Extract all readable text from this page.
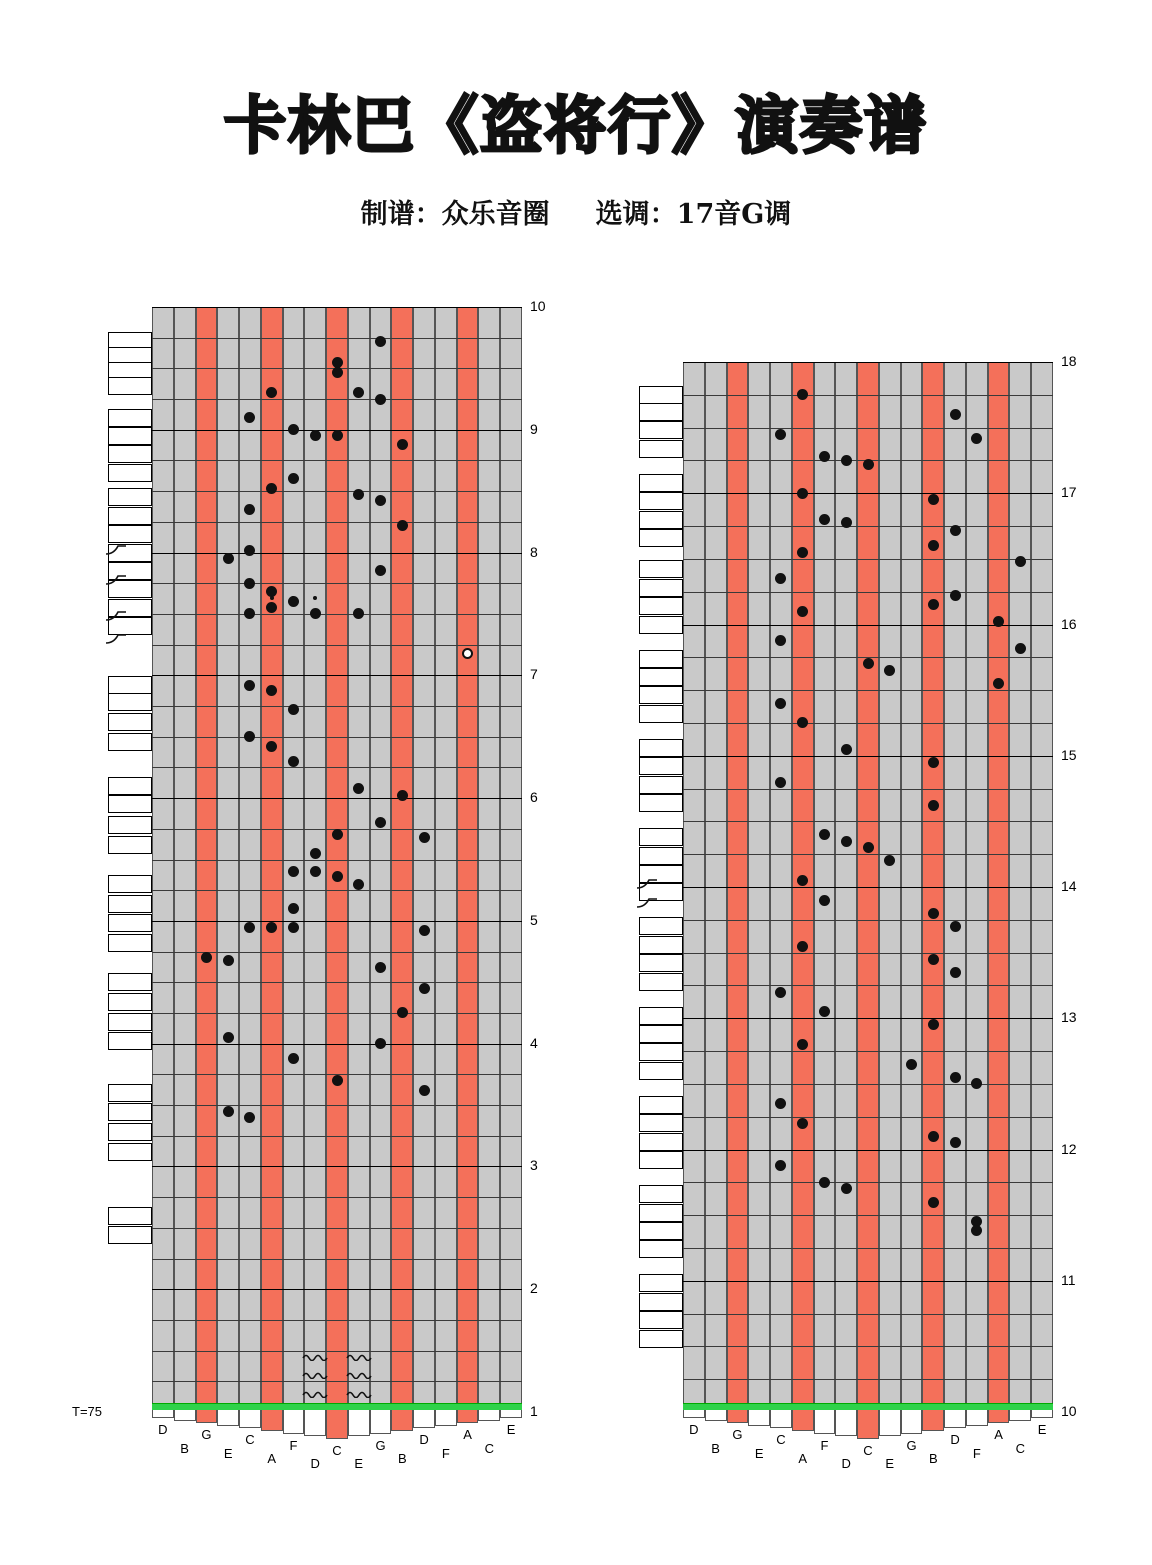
卡林巴《盗将行》演奏谱
制谱：众乐音圈 选调：17音G调
10
9
8
7
6
5
4
3
2
1
D
B
G
E
C
A
F
D
C
E
G
B
D
F
A
C
E
18
17
16
15
14
13
12
11
10
D
B
G
E
C
A
F
D
C
E
G
B
D
F
A
C
E
T=75
